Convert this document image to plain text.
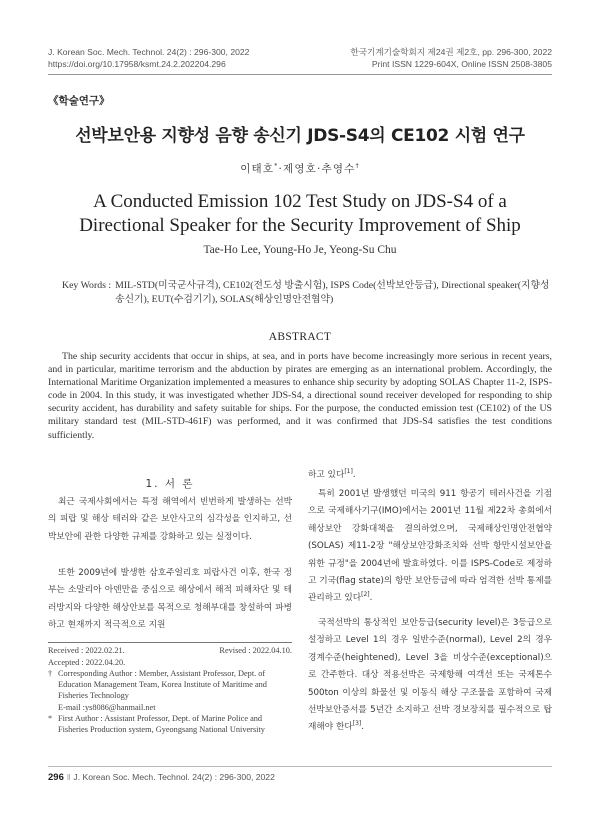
J. Korean Soc. Mech. Technol. 24(2) : 296-300, 2022
https://doi.org/10.17958/ksmt.24.2.202204.296
한국기계기술학회지 제24권 제2호, pp. 296-300, 2022
Print ISSN 1229-604X, Online ISSN 2508-3805
《학술연구》
선박보안용 지향성 음향 송신기 JDS-S4의 CE102 시험 연구
이태호*·제영호·추영수†
A Conducted Emission 102 Test Study on JDS-S4 of a
Directional Speaker for the Security Improvement of Ship
Tae-Ho Lee, Young-Ho Je, Yeong-Su Chu
Key Words : MIL-STD(미국군사규격), CE102(전도성 방출시험), ISPS Code(선박보안등급), Directional speaker(지향성 송신기), EUT(수검기기), SOLAS(해상인명안전협약)
ABSTRACT

The ship security accidents that occur in ships, at sea, and in ports have become increasingly more serious in recent years, and in particular, maritime terrorism and the abduction by pirates are emerging as an international problem. Accordingly, the International Maritime Organization implemented a measures to enhance ship security by adopting SOLAS Chapter 11-2, ISPS-code in 2004. In this study, it was investigated whether JDS-S4, a directional sound receiver developed for responding to ship security accident, has durability and safety suitable for ships. For the purpose, the conducted emission test (CE102) of the US military standard test (MIL-STD-461F) was performed, and it was confirmed that JDS-S4 satisfies the test conditions sufficiently.

1. 서 론

최근 국제사회에서는 특정 해역에서 빈번하게 발생하는 선박의 피랍 및 해상 테러와 같은 보안사고의 심각성을 인지하고, 선박보안에 관한 다양한 규제를 강화하고 있는 실정이다.

또한 2009년에 발생한 삼호주얼리호 피랍사건 이후, 한국 정부는 소말리아 아덴만을 중심으로 해상에서 해적 피해차단 및 테러방지와 다양한 해상안보를 목적으로 청해부대를 창설하여 파병하고 현재까지 적극적으로 지원

Received : 2022.02.21.	Revised : 2022.04.10.
Accepted : 2022.04.20.
† Corresponding Author : Member, Assistant Professor, Dept. of Education Management Team, Korea Institute of Maritime and Fisheries Technology
E-mail :ys8086@hanmail.net
* First Author : Assistant Professor, Dept. of Marine Police and Fisheries Production system, Gyeongsang National University

하고 있다[1].

특히 2001년 발생했던 미국의 911 항공기 테러사건을 기점으로 국제해사기구(IMO)에서는 2001년 11월 제22차 총회에서 해상보안 강화대책을 결의하였으며, 국제해상인명안전협약(SOLAS) 제11-2장 "해상보안강화조치와 선박 항만시설보안을 위한 규정"을 2004년에 발효하였다. 이를 ISPS-Code로 제정하고 기국(flag state)의 항만 보안등급에 따라 엄격한 선박 통제를 관리하고 있다[2].

국적선박의 통상적인 보안등급(security level)은 3등급으로 설정하고 Level 1의 경우 일반수준(normal), Level 2의 경우 경계수준(heightened), Level 3을 비상수준(exceptional)으로 간주한다. 대상 적용선박은 국제항해 여객선 또는 국제톤수 500ton 이상의 화물선 및 이동식 해상 구조물을 포함하여 국제선박보안증서를 5년간 소지하고 선박 경보장치를 필수적으로 탑재해야 한다[3].

296 ‖ J. Korean Soc. Mech. Technol. 24(2) : 296-300, 2022
